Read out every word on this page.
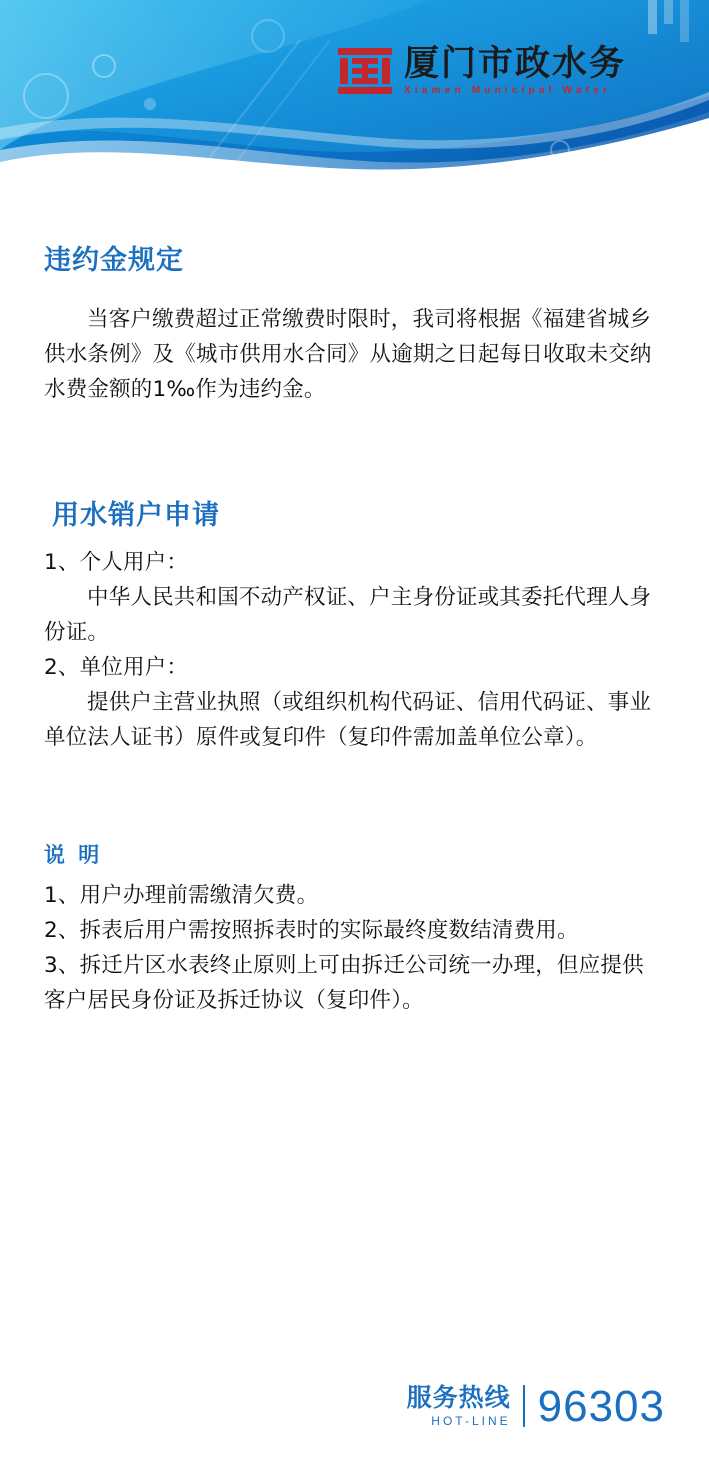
厦门市政水务
Xiamen Municipal Water
违约金规定

当客户缴费超过正常缴费时限时，我司将根据《福建省城乡供水条例》及《城市供用水合同》从逾期之日起每日收取未交纳水费金额的1‰作为违约金。

用水销户申请

1、个人用户：

中华人民共和国不动产权证、户主身份证或其委托代理人身份证。

2、单位用户：

提供户主营业执照（或组织机构代码证、信用代码证、事业单位法人证书）原件或复印件（复印件需加盖单位公章）。

说 明

1、用户办理前需缴清欠费。

2、拆表后用户需按照拆表时的实际最终度数结清费用。

3、拆迁片区水表终止原则上可由拆迁公司统一办理，但应提供客户居民身份证及拆迁协议（复印件）。

服务热线
HOT-LINE 96303
